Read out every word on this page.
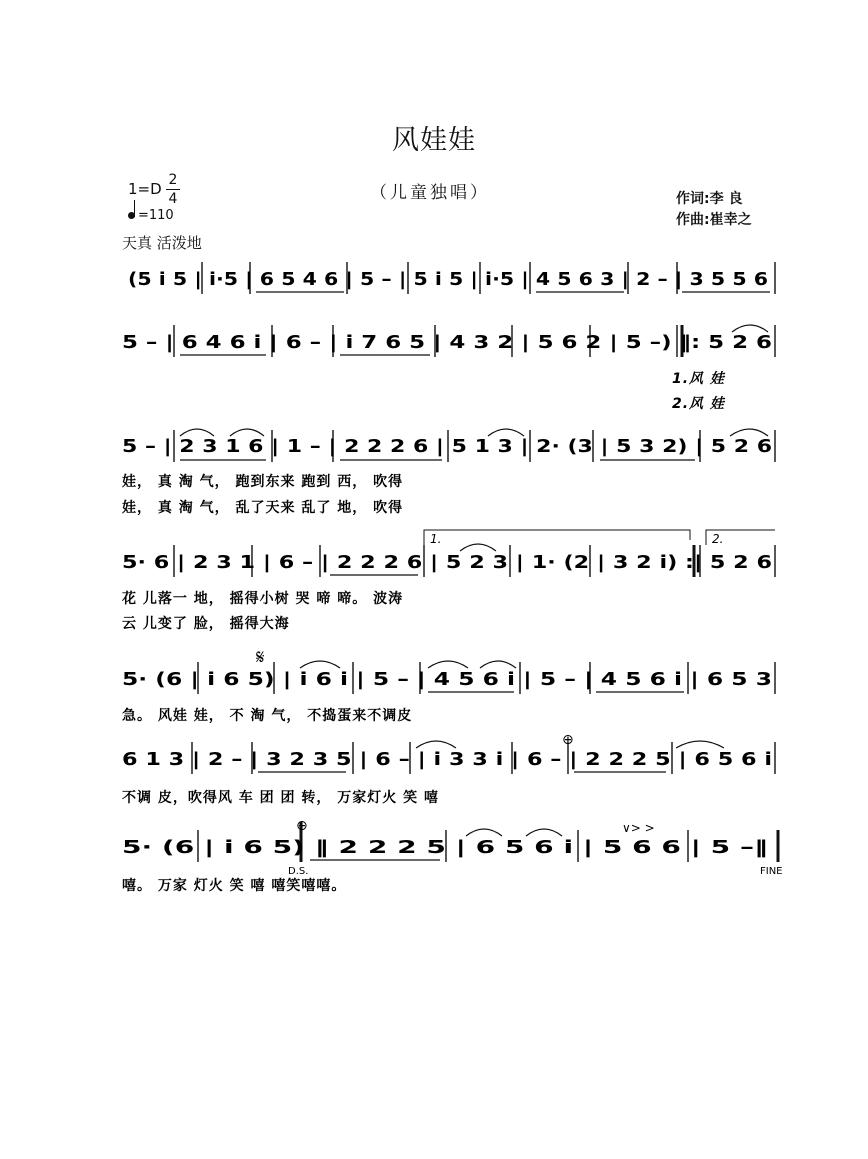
风娃娃
（儿童独唱）
1=D 2
4
=110
天真 活泼地
作词:李 良
作曲:崔幸之
1.	2.
D.S.	FINE
∨> >
𝄋
⊕
⊕
(5 i 5 | i·5 | 6 5 4 6 | 5 – | 5 i 5 | i·5 | 4 5 6 3 | 2 – | 3 5 5 6
5 – | 6 4 6 i | 6 – | i 7 6 5 | 4 3 2 | 5 6 2 | 5 –) ‖: 5 2 6
1.风 娃
2.风 娃
5 – | 2 3 1 6 | 1 – | 2 2 2 6 | 5 1 3 | 2· (3 | 5 3 2) | 5 2 6
娃， 真 淘 气， 跑到东来 跑到 西， 吹得
娃， 真 淘 气， 乱了天来 乱了 地， 吹得
5· 6 | 2 3 1 | 6 – | 2 2 2 6 | 5 2 3 | 1· (2 | 3 2 i) :| 5 2 6
花 儿落一 地， 摇得小树 哭 啼 啼。 波涛
云 儿变了 脸， 摇得大海
5· (6 | i 6 5) | i 6 i | 5 – | 4 5 6 i | 5 – | 4 5 6 i | 6 5 3
急。 风娃 娃， 不 淘 气， 不捣蛋来不调皮
6 1 3 | 2 – | 3 2 3 5 | 6 – | i 3 3 i | 6 – | 2 2 2 5 | 6 5 6 i
不调 皮，吹得风 车 团 团 转， 万家灯火 笑 嘻
5· (6 | i 6 5) ‖ 2 2 2 5 | 6 5 6 i | 5 6 6 | 5 –‖
嘻。 万家 灯火 笑 嘻 嘻笑嘻嘻。
